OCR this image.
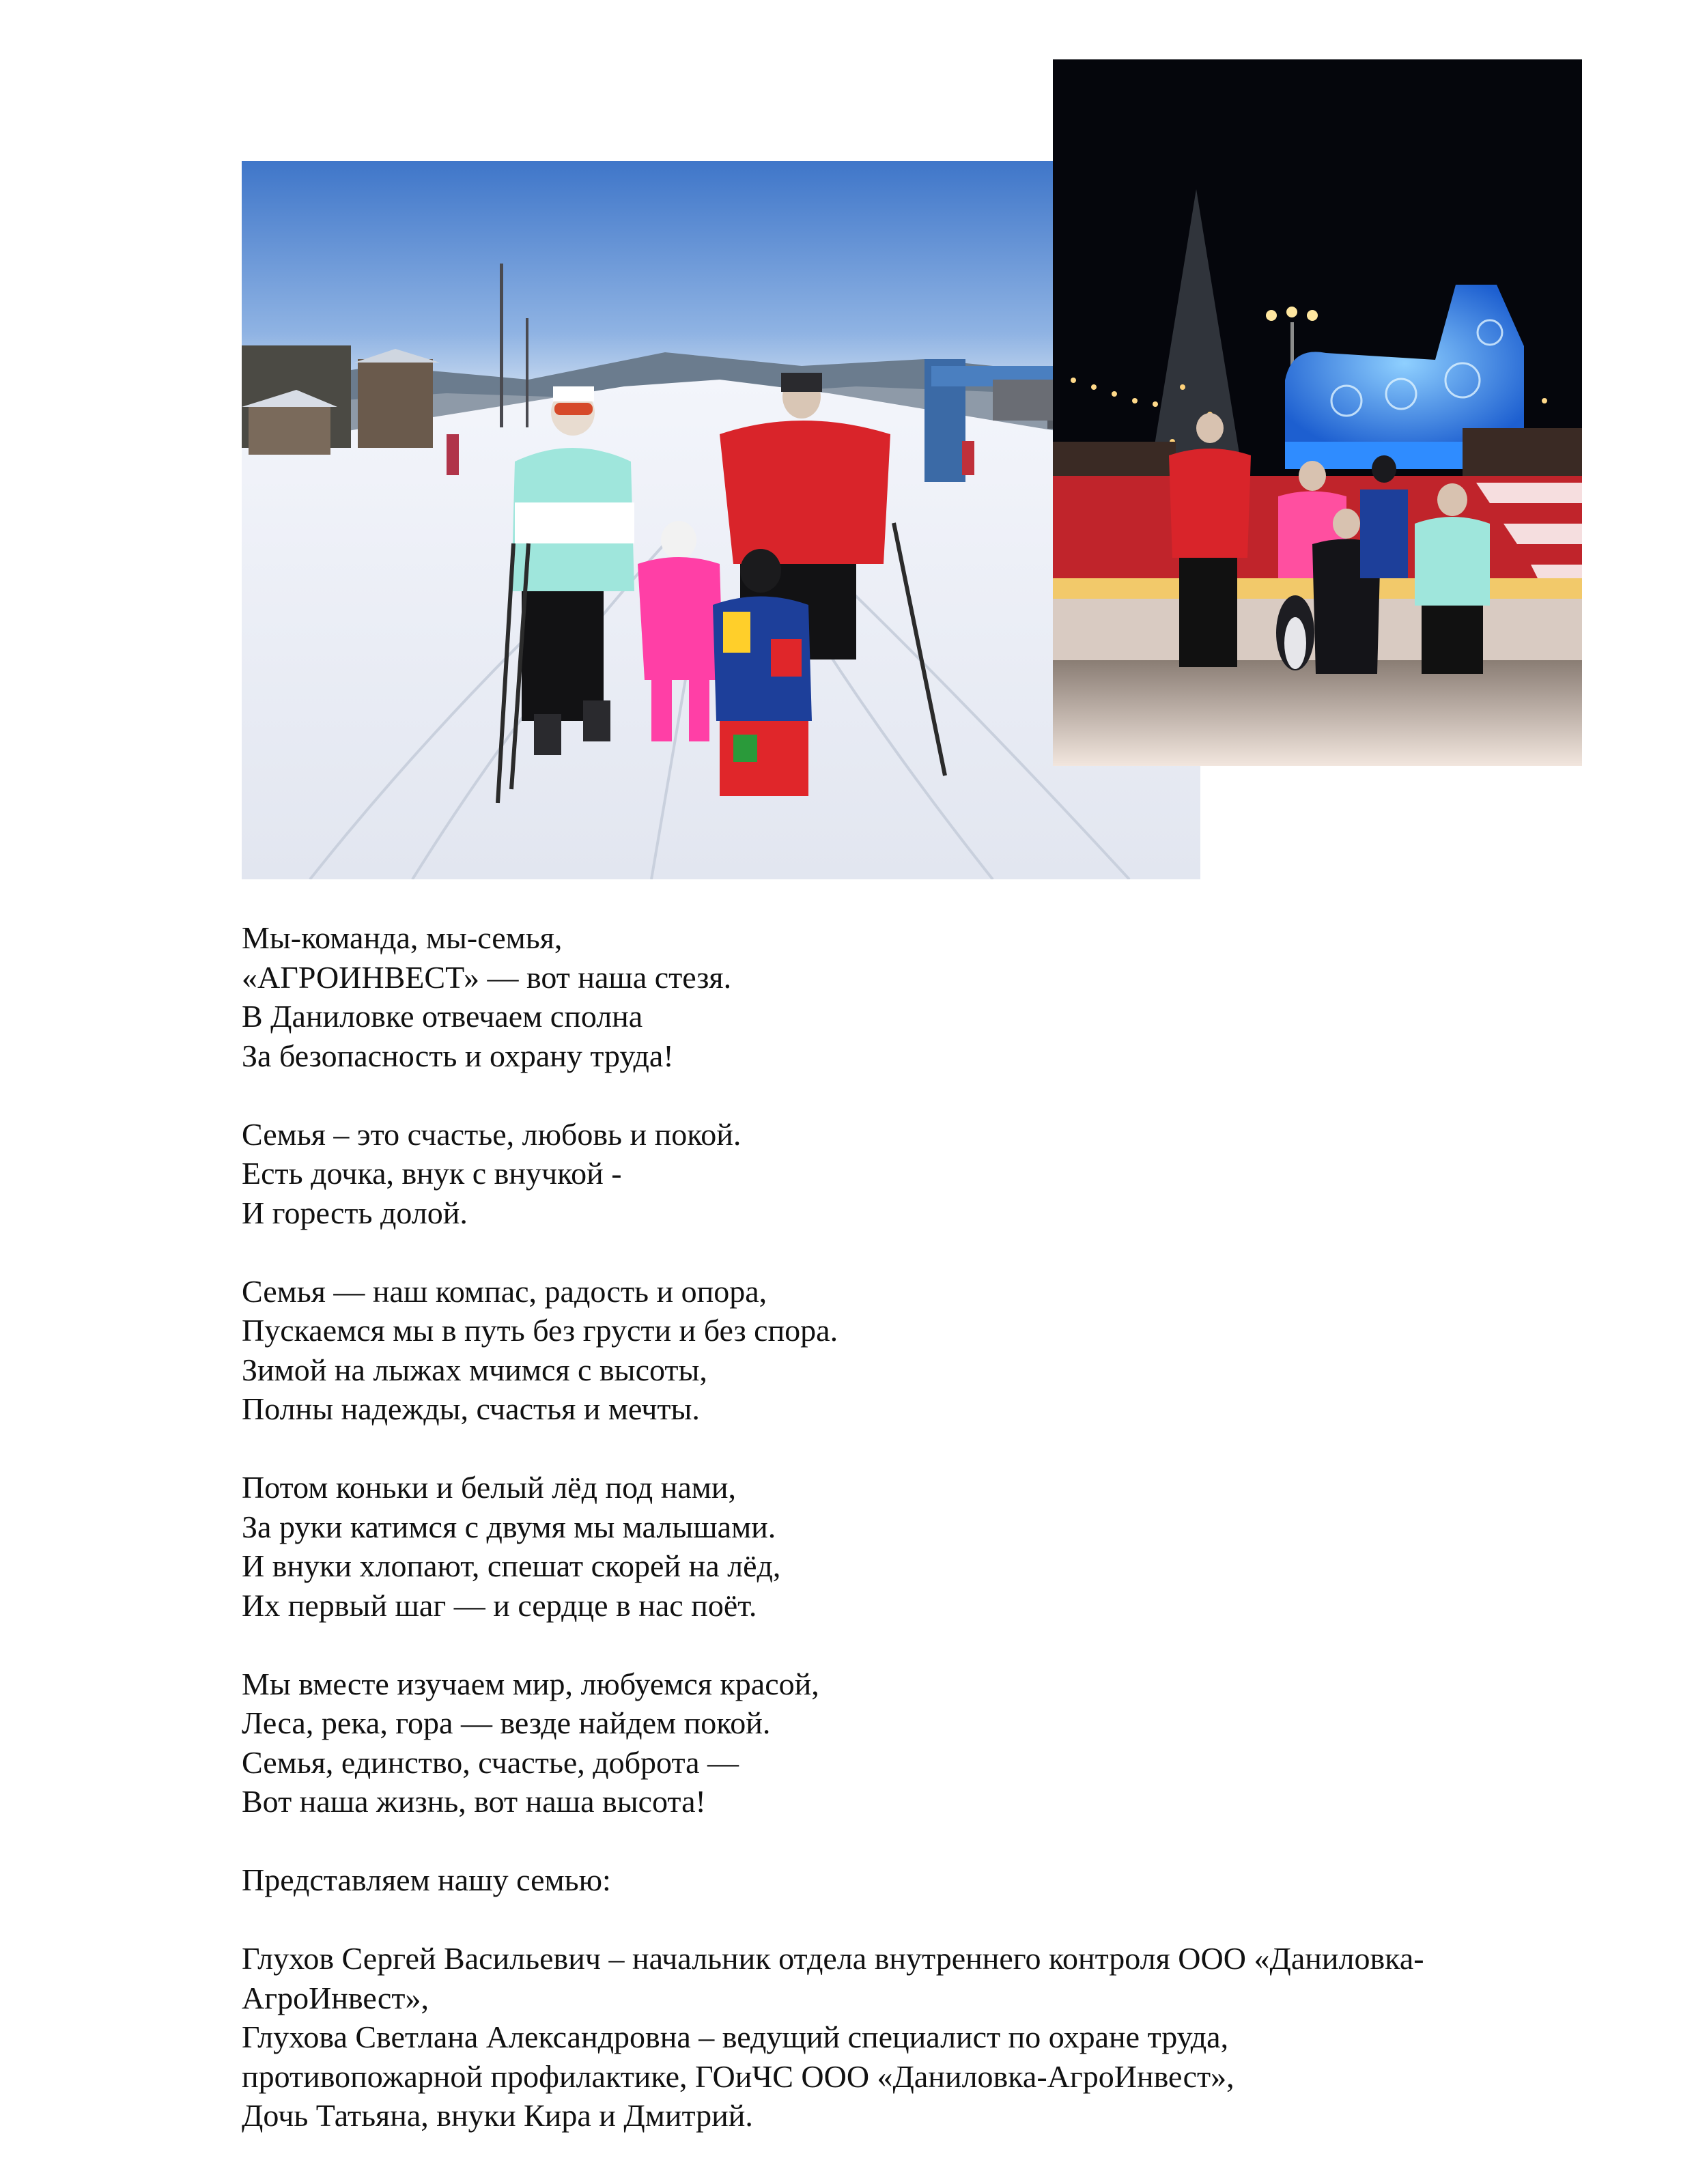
Мы-команда, мы-семья,
«АГРОИНВЕСТ» — вот наша стезя.
В Даниловке отвечаем сполна
За безопасность и охрану труда!
Семья – это счастье, любовь и покой.
Есть дочка, внук с внучкой -
И горесть долой.
Семья — наш компас, радость и опора,
Пускаемся мы в путь без грусти и без спора.
Зимой на лыжах мчимся с высоты,
Полны надежды, счастья и мечты.
Потом коньки и белый лёд под нами,
За руки катимся с двумя мы малышами.
И внуки хлопают, спешат скорей на лёд,
Их первый шаг — и сердце в нас поёт.
Мы вместе изучаем мир, любуемся красой,
Леса, река, гора — везде найдем покой.
Семья, единство, счастье, доброта —
Вот наша жизнь, вот наша высота!
Представляем нашу семью:
Глухов Сергей Васильевич – начальник отдела внутреннего контроля ООО «Даниловка-
АгроИнвест»,
Глухова Светлана Александровна – ведущий специалист по охране труда,
противопожарной профилактике, ГОиЧС ООО «Даниловка-АгроИнвест»,
Дочь Татьяна, внуки Кира и Дмитрий.
